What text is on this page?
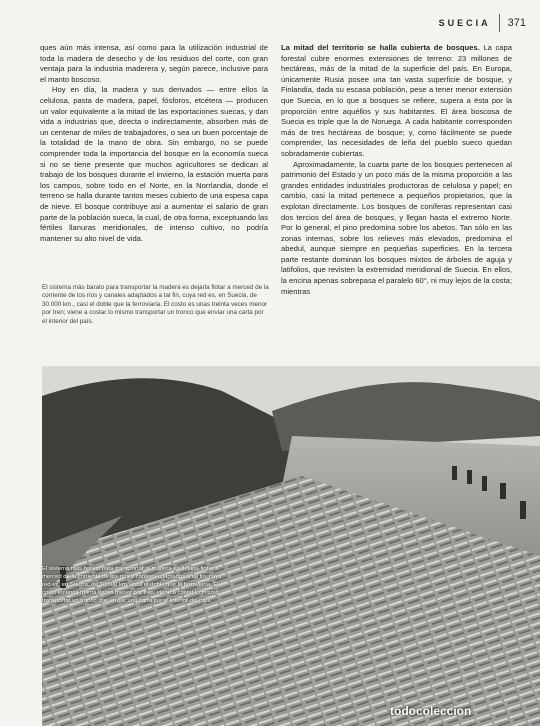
SUECIA 371

ques aún más intensa, así como para la utilización industrial de toda la madera de desecho y de los residuos del corte, con gran ventaja para la industria maderera y, según parece, inclusive para el manto boscoso.

Hoy en día, la madera y sus derivados — entre ellos la celulosa, pasta de madera, papel, fósforos, etcétera — producen un valor equivalente a la mitad de las exportaciones suecas, y dan vida a industrias que, directa o indirectamente, absorben más de un centenar de miles de trabajadores, o sea un buen porcentaje de la totalidad de la mano de obra. Sin embargo, no se puede comprender toda la importancia del bosque en la economía sueca si no se tiene presente que muchos agricultores se dedican al trabajo de los bosques durante el invierno, la estación muerta para los campos, sobre todo en el Norte, en la Norrlandia, donde el terreno se halla durante tantos meses cubierto de una espesa capa de nieve. El bosque contribuye así a aumentar el salario de gran parte de la población sueca, la cual, de otra forma, exceptuando las fértiles llanuras meridionales, de intenso cultivo, no podría mantener su alto nivel de vida.

El sistema más barato para transportar la madera es dejarla flotar a merced de la corriente de los ríos y canales adaptados a tal fin, cuya red es, en Suecia, de 30.000 km., casi el doble que la ferroviaria. El costo es unas treinta veces menor por tren; viene a costar lo mismo transportar un tronco que enviar una carta por el interior del país.

La mitad del territorio se halla cubierta de bosques. La capa forestal cubre enormes extensiones de terreno: 23 millones de hectáreas, más de la mitad de la superficie del país. En Europa, únicamente Rusia posee una tan vasta superficie de bosque, y Finlandia, dada su escasa población, pese a tener menor extensión que Suecia, en lo que a bosques se refiere, supera a ésta por la proporción entre aquéllos y sus habitantes. El área boscosa de Suecia es triple que la de Noruega. A cada habitante corresponden más de tres hectáreas de bosque; y, como fácilmente se puede comprender, las necesidades de leña del pueblo sueco quedan sobradamente cubiertas.

Aproximadamente, la cuarta parte de los bosques pertenecen al patrimonio del Estado y un poco más de la misma proporción a las grandes entidades industriales productoras de celulosa y papel; en cambio, casi la mitad pertenece a pequeños propietarios, que la explotan directamente. Los bosques de coníferas representan casi dos tercios del área de bosques, y llegan hasta el extremo Norte. Por lo general, el pino predomina sobre los abetos. Tan sólo en las zonas internas, sobre los relieves más elevados, predomina el abedul, aunque siempre en pequeñas superficies. En la tercera parte restante dominan los bosques mixtos de árboles de aguja y latifolios, que revisten la extremidad meridional de Suecia. En ellos, la encina apenas sobrepasa el paralelo 60°, ni muy lejos de la costa; mientras

El sistema más barato para transportar la madera es dejarla flotar a merced de la corriente de los ríos y canales adaptados a tal fin, cuya red es, en Suecia, de 30.000 km., casi el doble que la ferroviaria. El costo es unas treinta veces menor por tren; viene a costar lo mismo transportar un tronco que enviar una carta por el interior del país.

todocoleccion
